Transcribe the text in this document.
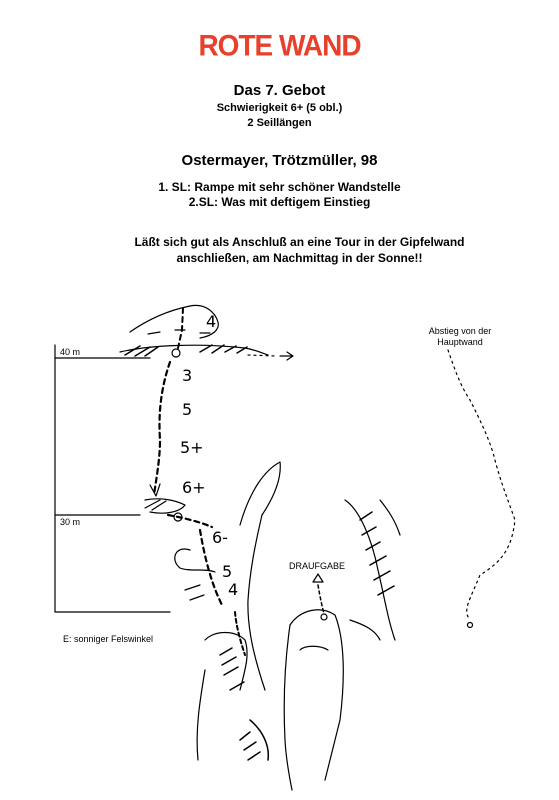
ROTE WAND
Das 7. Gebot
Schwierigkeit 6+ (5 obl.)
2 Seillängen
Ostermayer, Trötzmüller, 98
1. SL: Rampe mit sehr schöner Wandstelle
2.SL: Was mit deftigem Einstieg
Läßt sich gut als Anschluß an eine Tour in der Gipfelwand
anschließen, am Nachmittag in der Sonne!!
4
3
5
5+
6+
6-
5
4
40 m
30 m
Abstieg von der Hauptwand
DRAUFGABE
E: sonniger Felswinkel
